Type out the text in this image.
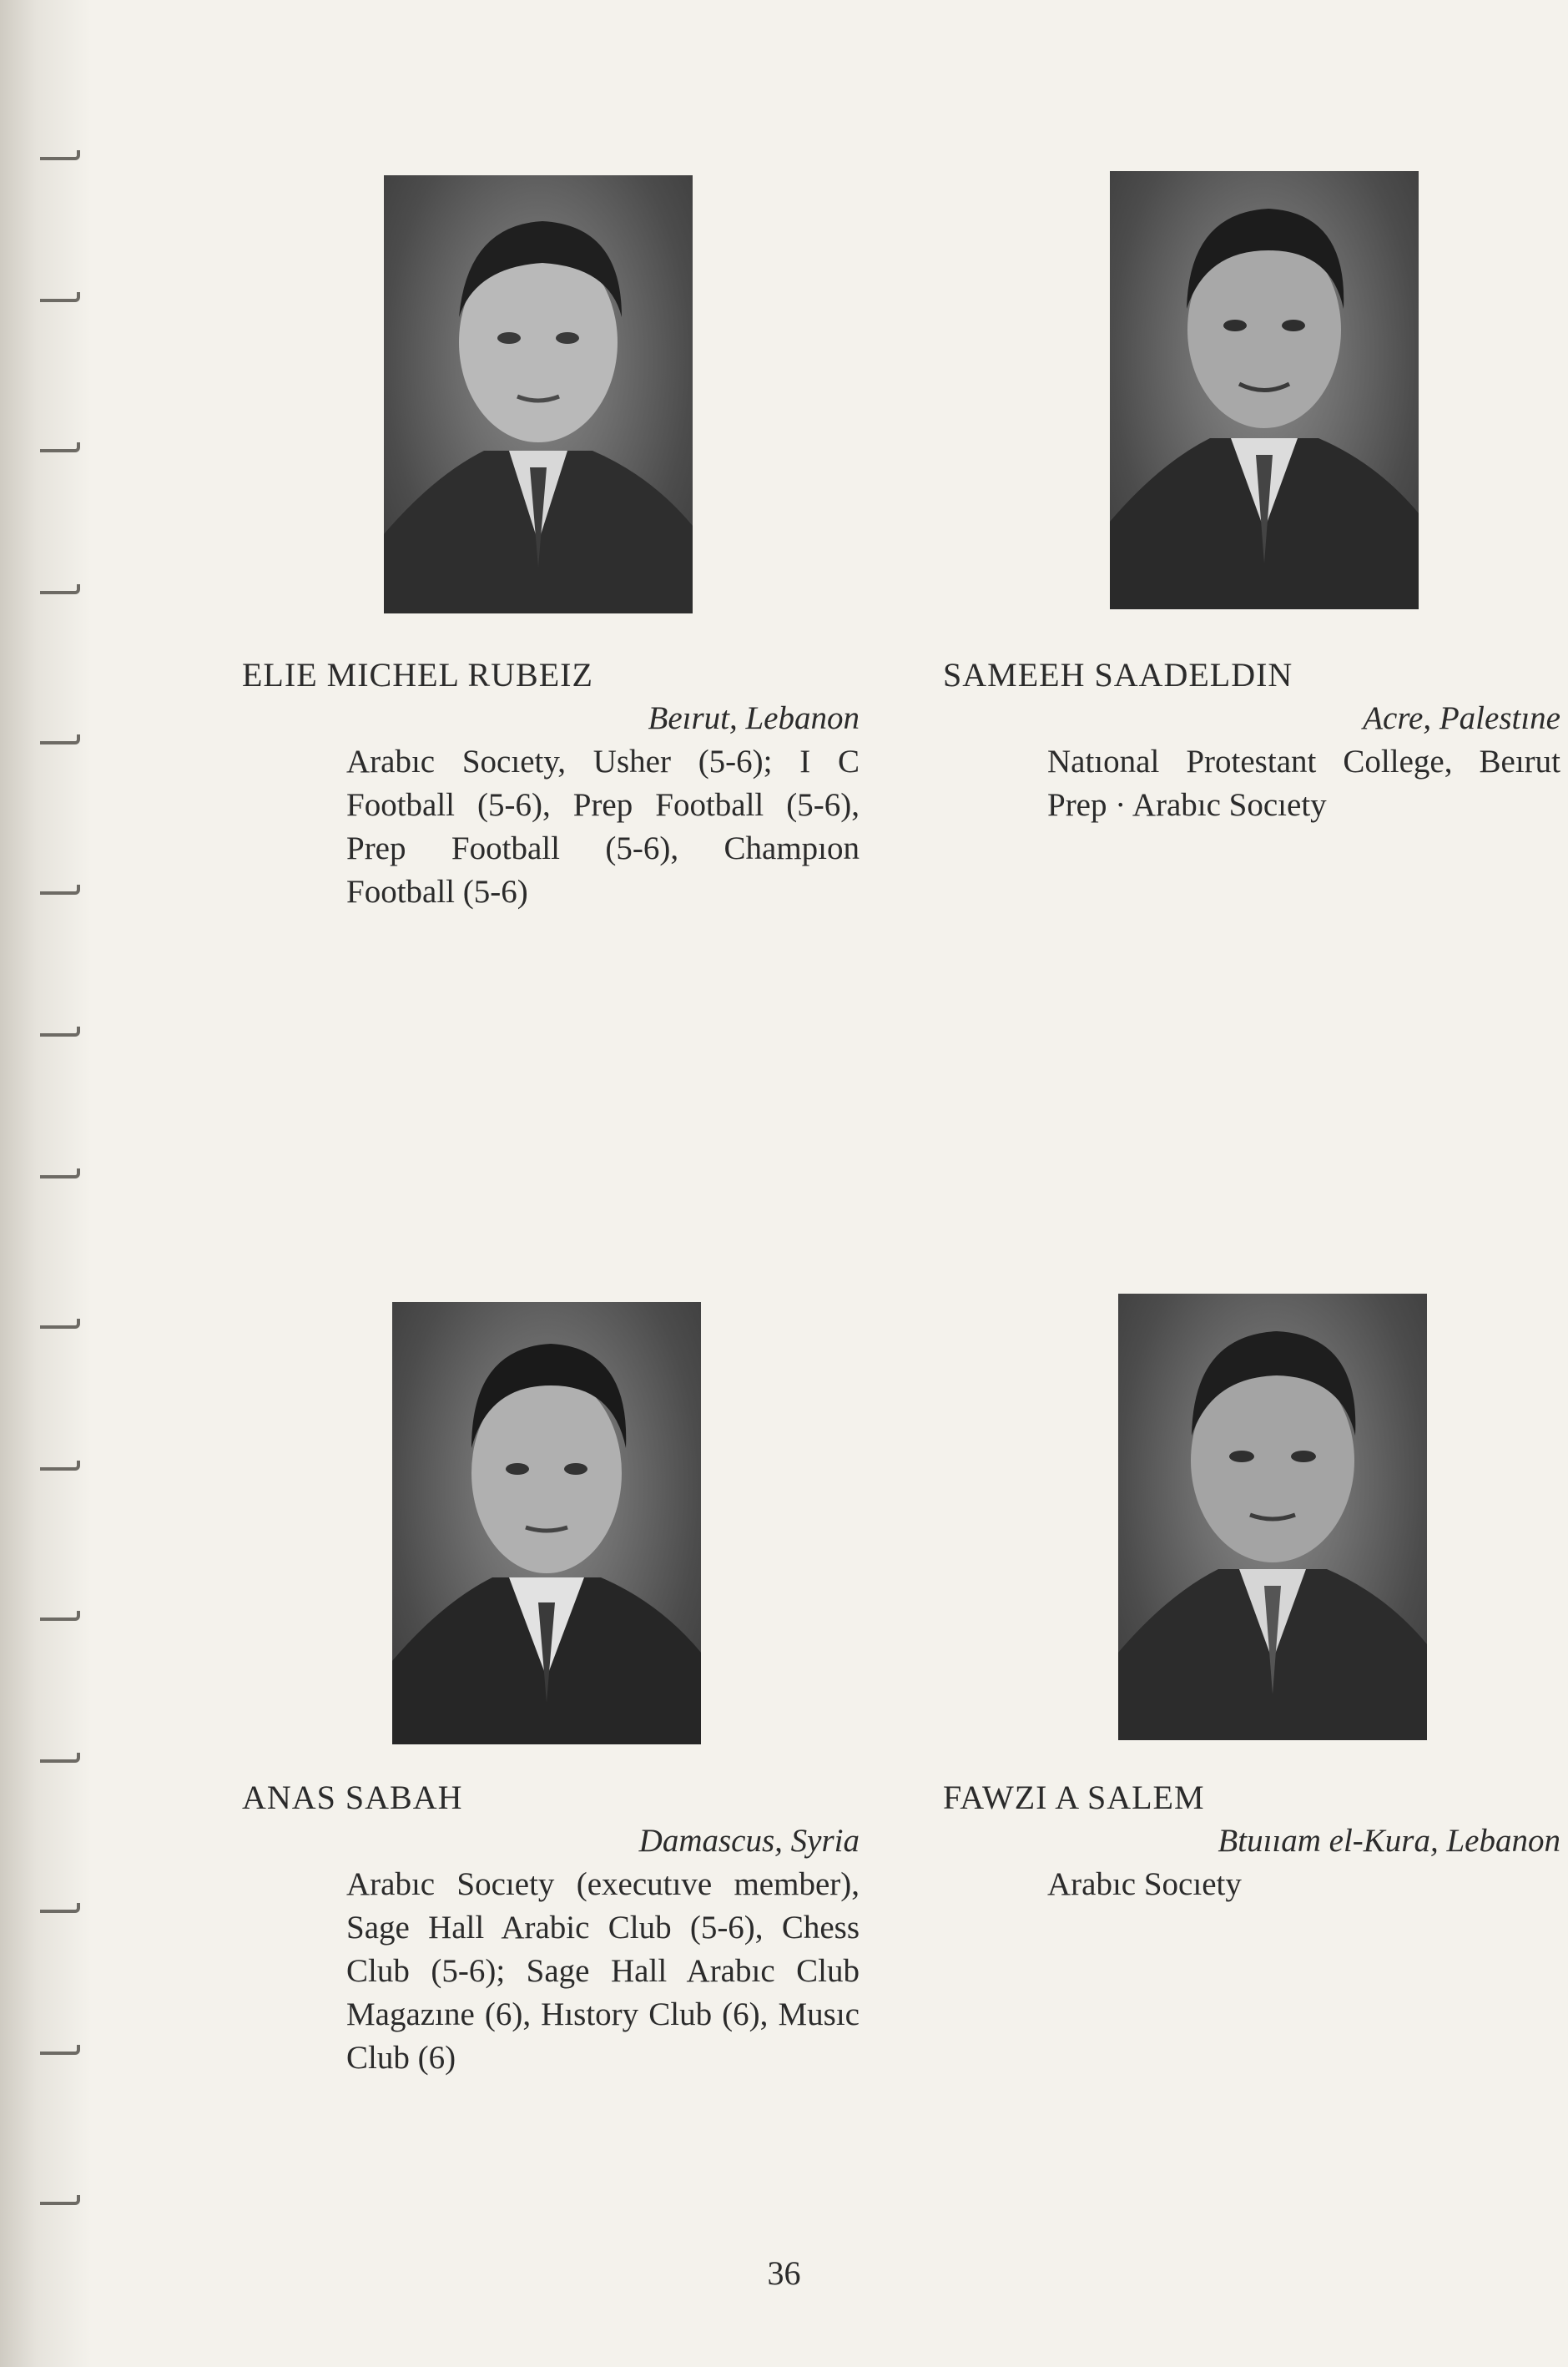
ELIE MICHEL RUBEIZ
Beırut, Lebanon
Arabıc Socıety, Usher (5-6); I C Football (5-6), Prep Football (5-6), Prep Football (5-6), Champıon Football (5-6)
SAMEEH SAADELDIN
Acre, Palestıne
Natıonal Protestant College, Beırut Prep · Arabıc Socıety
ANAS SABAH
Damascus, Syria
Arabıc Socıety (executıve member), Sage Hall Arabic Club (5-6), Chess Club (5-6); Sage Hall Arabıc Club Magazıne (6), Hıstory Club (6), Musıc Club (6)
FAWZI A SALEM
Btuııam el-Kura, Lebanon
Arabıc Socıety
36
